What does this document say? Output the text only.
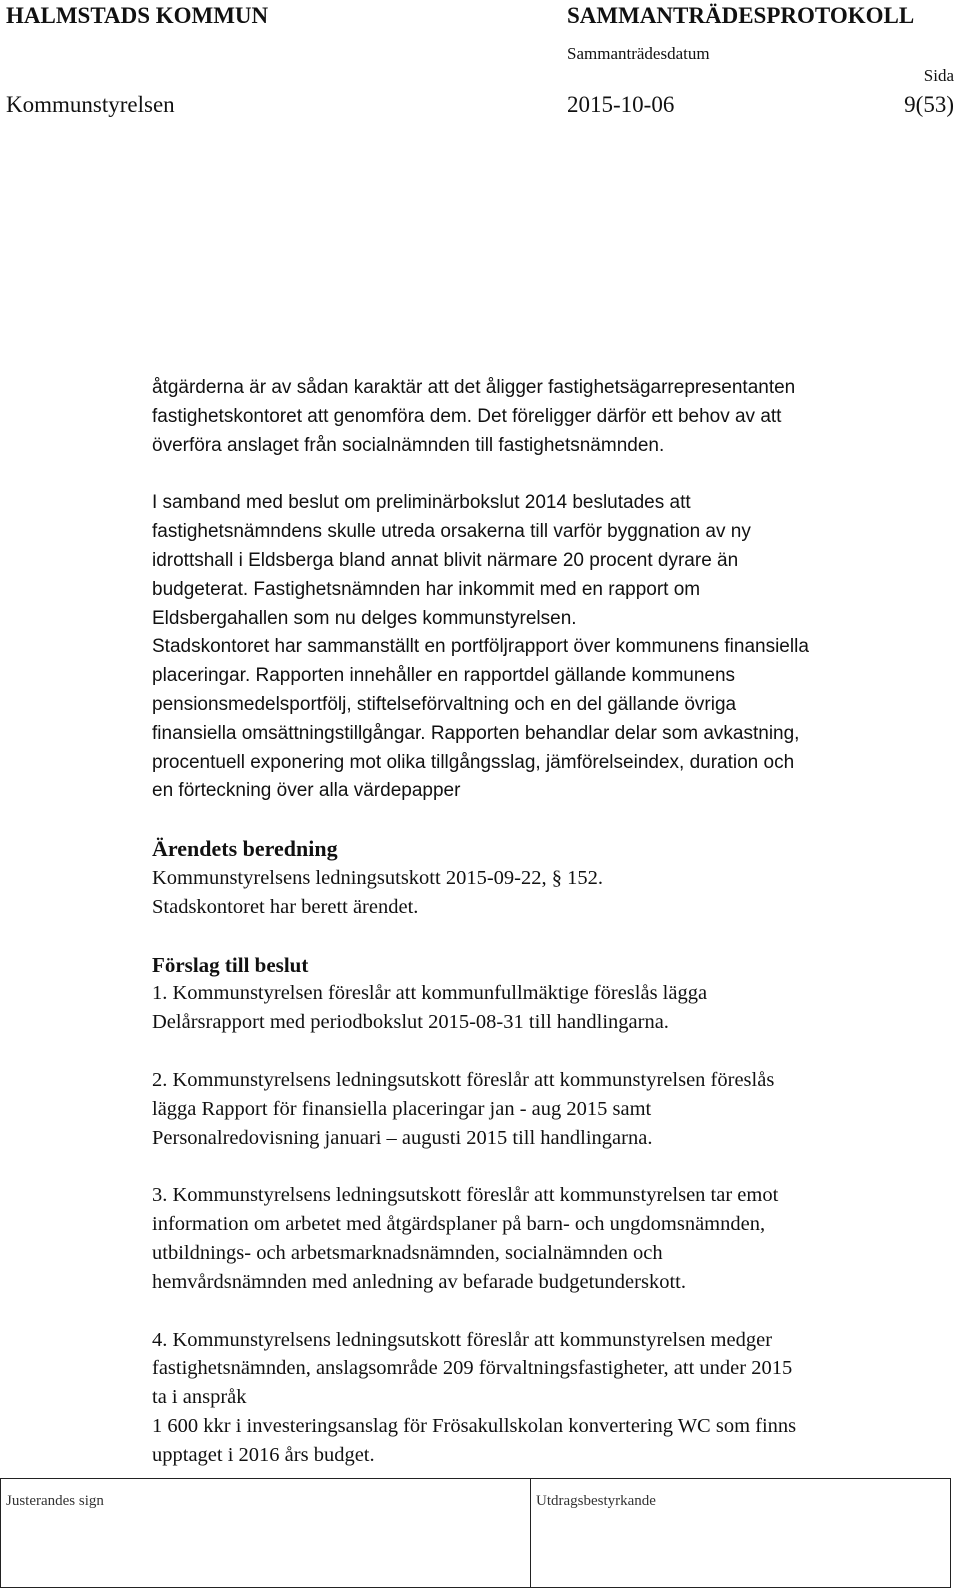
HALMSTADS KOMMUN	SAMMANTRÄDESPROTOKOLL
Sammanträdesdatum
Sida
Kommunstyrelsen	2015-10-06	9(53)

åtgärderna är av sådan karaktär att det åligger fastighetsägarrepresentanten
fastighetskontoret att genomföra dem. Det föreligger därför ett behov av att
överföra anslaget från socialnämnden till fastighetsnämnden.

I samband med beslut om preliminärbokslut 2014 beslutades att
fastighetsnämndens skulle utreda orsakerna till varför byggnation av ny
idrottshall i Eldsberga bland annat blivit närmare 20 procent dyrare än
budgeterat. Fastighetsnämnden har inkommit med en rapport om
Eldsbergahallen som nu delges kommunstyrelsen.
Stadskontoret har sammanställt en portföljrapport över kommunens finansiella
placeringar. Rapporten innehåller en rapportdel gällande kommunens
pensionsmedelsportfölj, stiftelseförvaltning och en del gällande övriga
finansiella omsättningstillgångar. Rapporten behandlar delar som avkastning,
procentuell exponering mot olika tillgångsslag, jämförelseindex, duration och
en förteckning över alla värdepapper

Ärendets beredning

Kommunstyrelsens ledningsutskott 2015-09-22, § 152.

Stadskontoret har berett ärendet.

Förslag till beslut

1. Kommunstyrelsen föreslår att kommunfullmäktige föreslås lägga
Delårsrapport med periodbokslut 2015-08-31 till handlingarna.

2. Kommunstyrelsens ledningsutskott föreslår att kommunstyrelsen föreslås
lägga Rapport för finansiella placeringar jan - aug 2015 samt
Personalredovisning januari – augusti 2015 till handlingarna.

3. Kommunstyrelsens ledningsutskott föreslår att kommunstyrelsen tar emot
information om arbetet med åtgärdsplaner på barn- och ungdomsnämnden,
utbildnings- och arbetsmarknadsnämnden, socialnämnden och
hemvårdsnämnden med anledning av befarade budgetunderskott.

4. Kommunstyrelsens ledningsutskott föreslår att kommunstyrelsen medger
fastighetsnämnden, anslagsområde 209 förvaltningsfastigheter, att under 2015
ta i anspråk
1 600 kkr i investeringsanslag för Frösakullskolan konvertering WC som finns
upptaget i 2016 års budget.

Justerandes sign	Utdragsbestyrkande
